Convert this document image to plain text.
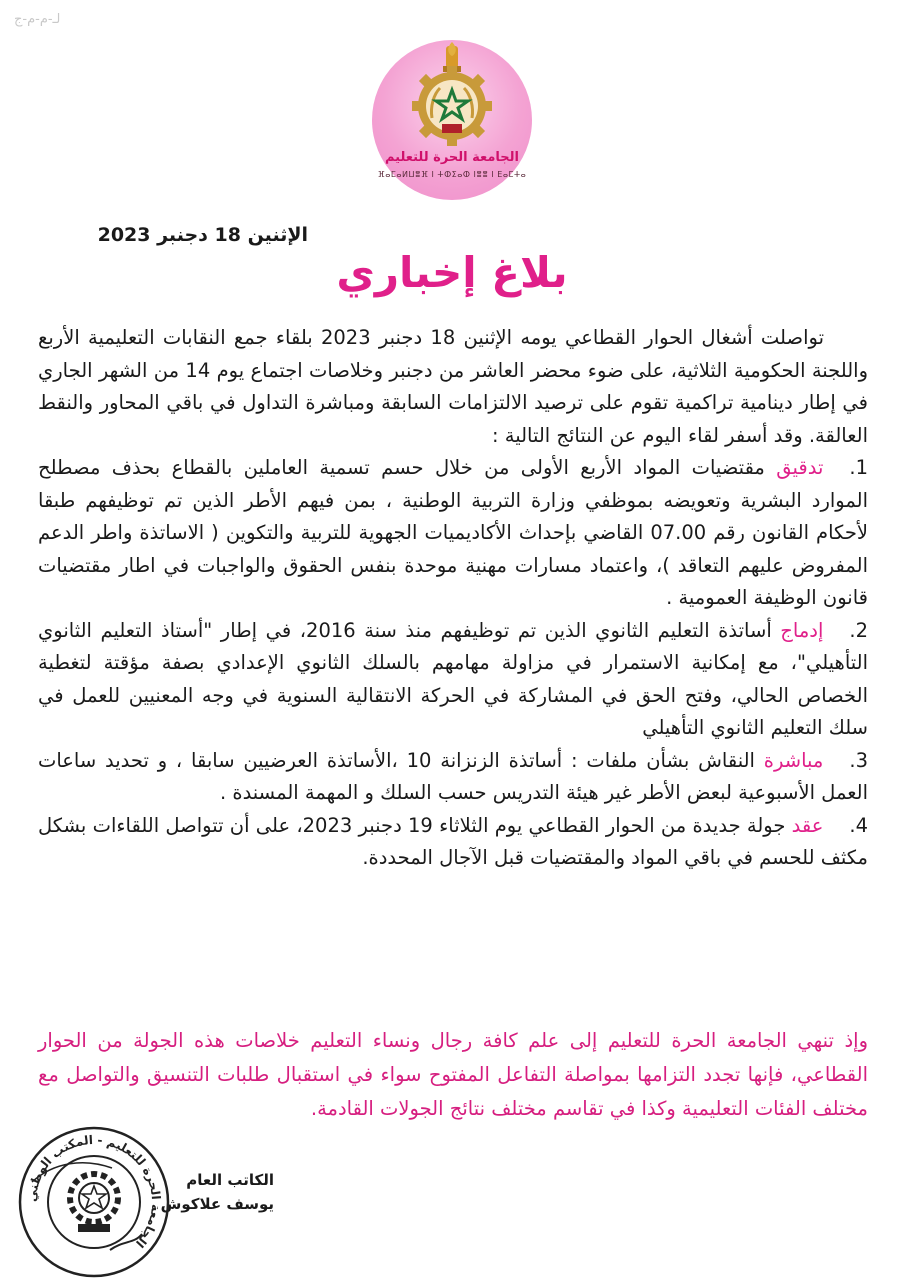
لـ-م-م-ج
الجامعة الحرة للتعليم
ⴼⴰⵎⴰⵍⵡⴻⴼ ⵏ ⵜⵀⵉⴰⵀ ⵏⴻⴻ ⵏ ⴹⴰⵎⵜⴰ
الإثنين 18 دجنبر 2023
بلاغ إخباري

تواصلت أشغال الحوار القطاعي يومه الإثنين 18 دجنبر 2023 بلقاء جمع النقابات التعليمية الأربع واللجنة الحكومية الثلاثية، على ضوء محضر العاشر من دجنبر وخلاصات اجتماع يوم 14 من الشهر الجاري في إطار دينامية تراكمية تقوم على ترصيد الالتزامات السابقة ومباشرة التداول في باقي المحاور والنقط العالقة. وقد أسفر لقاء اليوم عن النتائج التالية :

1.تدقيق مقتضيات المواد الأربع الأولى من خلال حسم تسمية العاملين بالقطاع بحذف مصطلح الموارد البشرية وتعويضه بموظفي وزارة التربية الوطنية ، بمن فيهم الأطر الذين تم توظيفهم طبقا لأحكام القانون رقم 07.00 القاضي بإحداث الأكاديميات الجهوية للتربية والتكوين ( الاساتذة واطر الدعم المفروض عليهم التعاقد )، واعتماد مسارات مهنية موحدة بنفس الحقوق والواجبات في اطار مقتضيات قانون الوظيفة العمومية .

2.إدماج أساتذة التعليم الثانوي الذين تم توظيفهم منذ سنة 2016، في إطار "أستاذ التعليم الثانوي التأهيلي"، مع إمكانية الاستمرار في مزاولة مهامهم بالسلك الثانوي الإعدادي بصفة مؤقتة لتغطية الخصاص الحالي، وفتح الحق في المشاركة في الحركة الانتقالية السنوية في وجه المعنيين للعمل في سلك التعليم الثانوي التأهيلي

3.مباشرة النقاش بشأن ملفات : أساتذة الزنزانة 10 ،الأساتذة العرضيين سابقا ، و تحديد ساعات العمل الأسبوعية لبعض الأطر غير هيئة التدريس حسب السلك و المهمة المسندة .

4.عقد جولة جديدة من الحوار القطاعي يوم الثلاثاء 19 دجنبر 2023، على أن تتواصل اللقاءات بشكل مكثف للحسم في باقي المواد والمقتضيات قبل الآجال المحددة.

وإذ تنهي الجامعة الحرة للتعليم إلى علم كافة رجال ونساء التعليم خلاصات هذه الجولة من الحوار القطاعي، فإنها تجدد التزامها بمواصلة التفاعل المفتوح سواء في استقبال طلبات التنسيق والتواصل مع مختلف الفئات التعليمية وكذا في تقاسم مختلف نتائج الجولات القادمة.
الكاتب العام
يوسف علاكوش
الجامعة الحرة للتعليم - المكتب الوطني
